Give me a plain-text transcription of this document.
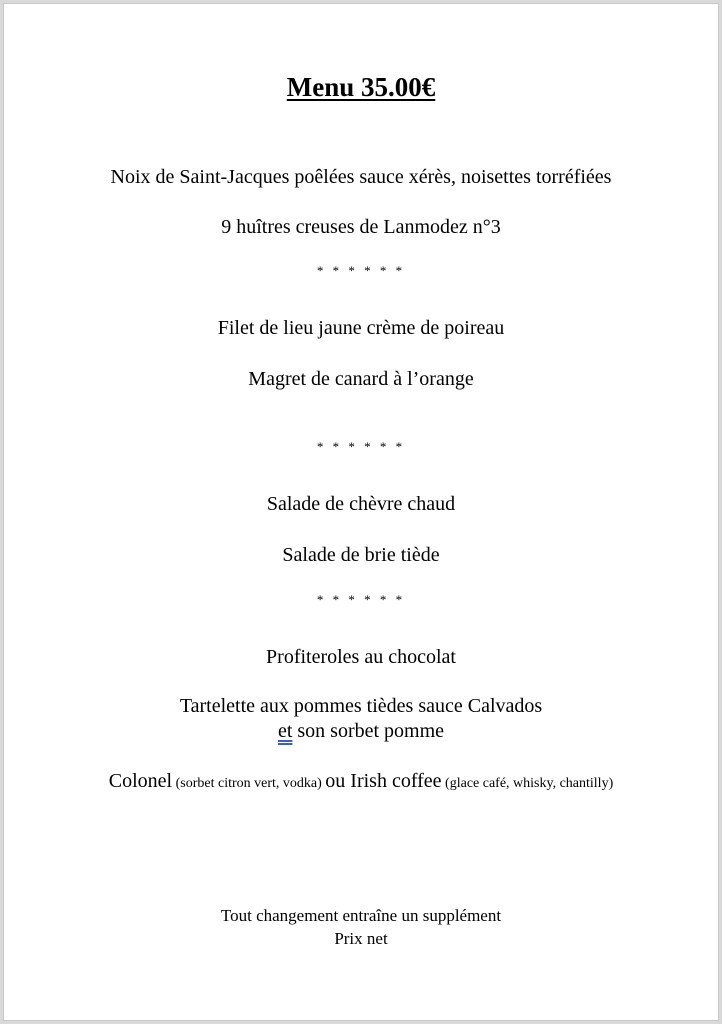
Menu 35.00€
Noix de Saint-Jacques poêlées sauce xérès, noisettes torréfiées
9 huîtres creuses de Lanmodez n°3
* * * * * *
Filet de lieu jaune crème de poireau
Magret de canard à l’orange
* * * * * *
Salade de chèvre chaud
Salade de brie tiède
* * * * * *
Profiteroles au chocolat
Tartelette aux pommes tièdes sauce Calvados
et son sorbet pomme
Colonel (sorbet citron vert, vodka) ou Irish coffee (glace café, whisky, chantilly)
Tout changement entraîne un supplément
Prix net
